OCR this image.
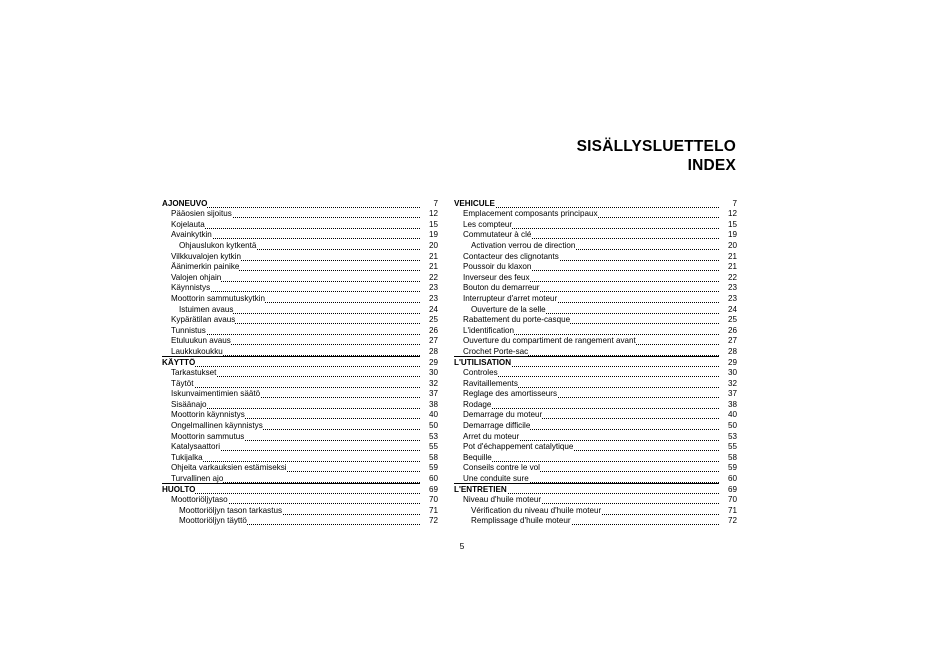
SISÄLLYSLUETTELO
INDEX
AJONEUVO	7
Pääosien sijoitus	12
Kojelauta	15
Avainkytkin	19
Ohjauslukon kytkentä	20
Vilkkuvalojen kytkin	21
Äänimerkin painike	21
Valojen ohjain	22
Käynnistys	23
Moottorin sammutuskytkin	23
Istuimen avaus	24
Kypärätilan avaus	25
Tunnistus	26
Etuluukun avaus	27
Laukkukoukku	28
KÄYTTÖ	29
Tarkastukset	30
Täytöt	32
Iskunvaimentimien säätö	37
Sisäänajo	38
Moottorin käynnistys	40
Ongelmallinen käynnistys	50
Moottorin sammutus	53
Katalysaattori	55
Tukijalka	58
Ohjeita varkauksien estämiseksi	59
Turvallinen ajo	60
HUOLTO	69
Moottoriöljytaso	70
Moottoriöljyn tason tarkastus	71
Moottoriöljyn täyttö	72
VEHICULE	7
Emplacement composants principaux	12
Les compteur	15
Commutateur à clé	19
Activation verrou de direction	20
Contacteur des clignotants	21
Poussoir du klaxon	21
Inverseur des feux	22
Bouton du demarreur	23
Interrupteur d'arret moteur	23
Ouverture de la selle	24
Rabattement du porte-casque	25
L'identification	26
Ouverture du compartiment de rangement avant	27
Crochet Porte-sac	28
L'UTILISATION	29
Controles	30
Ravitaillements	32
Reglage des amortisseurs	37
Rodage	38
Demarrage du moteur	40
Demarrage difficile	50
Arret du moteur	53
Pot d'échappement catalytique	55
Bequille	58
Conseils contre le vol	59
Une conduite sure	60
L'ENTRETIEN	69
Niveau d'huile moteur	70
Vérification du niveau d'huile moteur	71
Remplissage d'huile moteur	72
5
